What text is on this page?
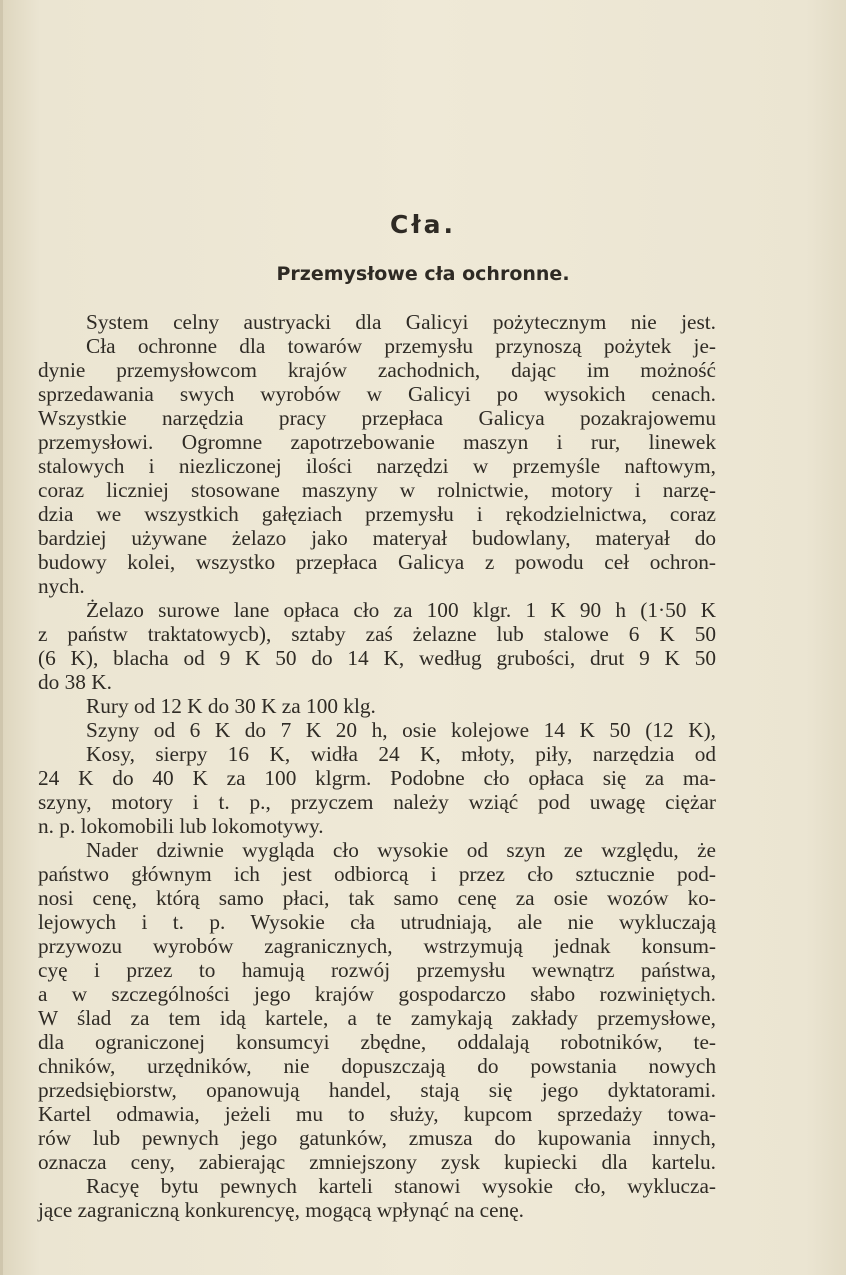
Cła.
Przemysłowe cła ochronne.
System celny austryacki dla Galicyi pożytecznym nie jest.
Cła ochronne dla towarów przemysłu przynoszą pożytek je-
dynie przemysłowcom krajów zachodnich, dając im możność
sprzedawania swych wyrobów w Galicyi po wysokich cenach.
Wszystkie narzędzia pracy przepłaca Galicya pozakrajowemu
przemysłowi. Ogromne zapotrzebowanie maszyn i rur, linewek
stalowych i niezliczonej ilości narzędzi w przemyśle naftowym,
coraz liczniej stosowane maszyny w rolnictwie, motory i narzę-
dzia we wszystkich gałęziach przemysłu i rękodzielnictwa, coraz
bardziej używane żelazo jako materyał budowlany, materyał do
budowy kolei, wszystko przepłaca Galicya z powodu ceł ochron-
nych.
Żelazo surowe lane opłaca cło za 100 klgr. 1 K 90 h (1·50 K
z państw traktatowycb), sztaby zaś żelazne lub stalowe 6 K 50
(6 K), blacha od 9 K 50 do 14 K, według grubości, drut 9 K 50
do 38 K.
Rury od 12 K do 30 K za 100 klg.
Szyny od 6 K do 7 K 20 h, osie kolejowe 14 K 50 (12 K),
Kosy, sierpy 16 K, widła 24 K, młoty, piły, narzędzia od
24 K do 40 K za 100 klgrm. Podobne cło opłaca się za ma-
szyny, motory i t. p., przyczem należy wziąć pod uwagę ciężar
n. p. lokomobili lub lokomotywy.
Nader dziwnie wygląda cło wysokie od szyn ze względu, że
państwo głównym ich jest odbiorcą i przez cło sztucznie pod-
nosi cenę, którą samo płaci, tak samo cenę za osie wozów ko-
lejowych i t. p. Wysokie cła utrudniają, ale nie wykluczają
przywozu wyrobów zagranicznych, wstrzymują jednak konsum-
cyę i przez to hamują rozwój przemysłu wewnątrz państwa,
a w szczególności jego krajów gospodarczo słabo rozwiniętych.
W ślad za tem idą kartele, a te zamykają zakłady przemysłowe,
dla ograniczonej konsumcyi zbędne, oddalają robotników, te-
chników, urzędników, nie dopuszczają do powstania nowych
przedsiębiorstw, opanowują handel, stają się jego dyktatorami.
Kartel odmawia, jeżeli mu to służy, kupcom sprzedaży towa-
rów lub pewnych jego gatunków, zmusza do kupowania innych,
oznacza ceny, zabierając zmniejszony zysk kupiecki dla kartelu.
Racyę bytu pewnych karteli stanowi wysokie cło, wyklucza-
jące zagraniczną konkurencyę, mogącą wpłynąć na cenę.
